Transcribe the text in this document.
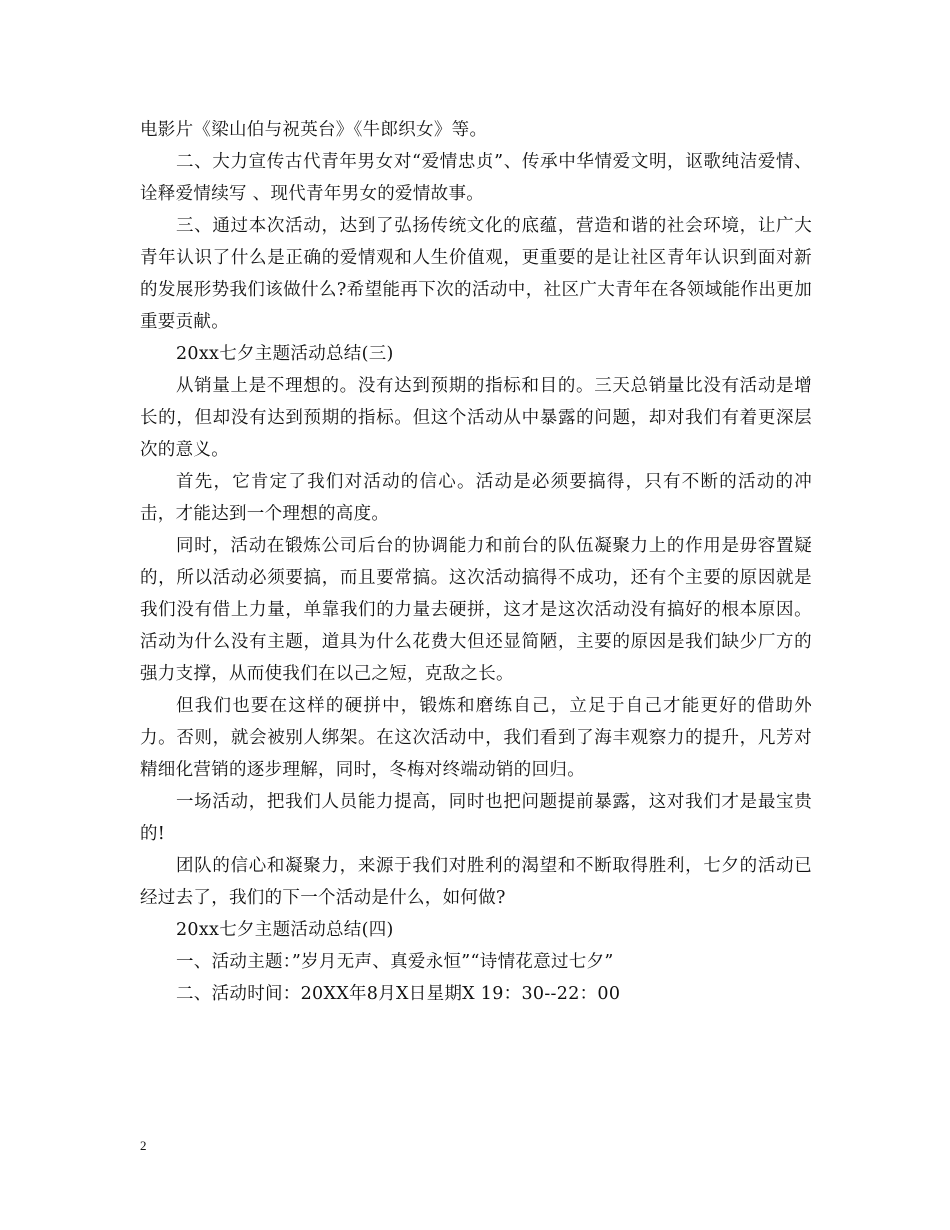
电影片《梁山伯与祝英台》《牛郎织女》等。

二、大力宣传古代青年男女对“爱情忠贞”、传承中华情爱文明，讴歌纯洁爱情、诠释爱情续写 、现代青年男女的爱情故事。

三、通过本次活动，达到了弘扬传统文化的底蕴，营造和谐的社会环境，让广大青年认识了什么是正确的爱情观和人生价值观，更重要的是让社区青年认识到面对新的发展形势我们该做什么?希望能再下次的活动中，社区广大青年在各领域能作出更加重要贡献。

20xx七夕主题活动总结(三)

从销量上是不理想的。没有达到预期的指标和目的。三天总销量比没有活动是增长的，但却没有达到预期的指标。但这个活动从中暴露的问题，却对我们有着更深层次的意义。

首先，它肯定了我们对活动的信心。活动是必须要搞得，只有不断的活动的冲击，才能达到一个理想的高度。

同时，活动在锻炼公司后台的协调能力和前台的队伍凝聚力上的作用是毋容置疑的，所以活动必须要搞，而且要常搞。这次活动搞得不成功，还有个主要的原因就是我们没有借上力量，单靠我们的力量去硬拼，这才是这次活动没有搞好的根本原因。活动为什么没有主题，道具为什么花费大但还显简陋，主要的原因是我们缺少厂方的强力支撑，从而使我们在以己之短，克敌之长。

但我们也要在这样的硬拼中，锻炼和磨练自己，立足于自己才能更好的借助外力。否则，就会被别人绑架。在这次活动中，我们看到了海丰观察力的提升，凡芳对精细化营销的逐步理解，同时，冬梅对终端动销的回归。

一场活动，把我们人员能力提高，同时也把问题提前暴露，这对我们才是最宝贵的!

团队的信心和凝聚力，来源于我们对胜利的渴望和不断取得胜利，七夕的活动已经过去了，我们的下一个活动是什么，如何做?

20xx七夕主题活动总结(四)

一、活动主题：”岁月无声、真爱永恒”“诗情花意过七夕”

二、活动时间：20XX年8月X日星期X 19：30--22：00

2
